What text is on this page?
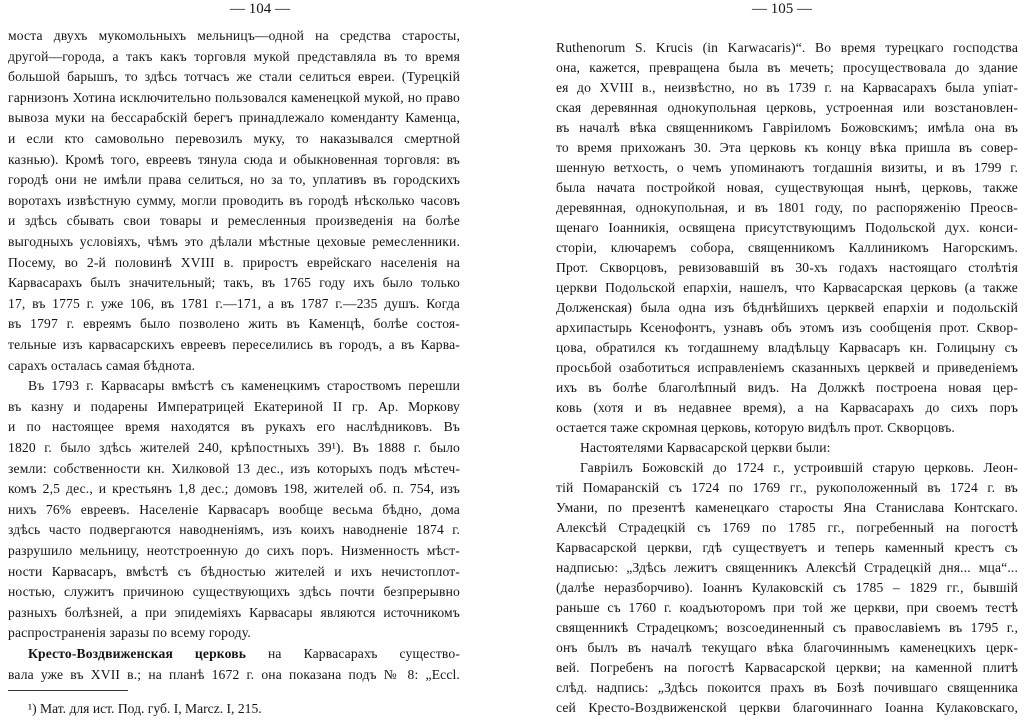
— 104 —
моста двухъ мукомольныхъ мельницъ—одной на средства старосты,
другой—города, а такъ какъ торговля мукой представляла въ то время
большой барышъ, то здѣсь тотчасъ же стали селиться евреи. (Турецкій
гарнизонъ Хотина исключительно пользовался каменецкой мукой, но право
вывоза муки на бессарабскій берегъ принадлежало коменданту Каменца,
и если кто самовольно перевозилъ муку, то наказывался смертной
казнью). Кромѣ того, евреевъ тянула сюда и обыкновенная торговля: въ
городѣ они не имѣли права селиться, но за то, уплативъ въ городскихъ
воротахъ извѣстную сумму, могли проводить въ городѣ нѣсколько часовъ
и здѣсь сбывать свои товары и ремесленныя произведенія на болѣе
выгодныхъ условіяхъ, чѣмъ это дѣлали мѣстные цеховые ремесленники.
Посему, во 2-й половинѣ XVIII в. приростъ еврейскаго населенія на
Карвасарахъ былъ значительный; такъ, въ 1765 году ихъ было только
17, въ 1775 г. уже 106, въ 1781 г.—171, а въ 1787 г.—235 душъ. Когда
въ 1797 г. евреямъ было позволено жить въ Каменцѣ, болѣе состоя-
тельные изъ карвасарскихъ евреевъ переселились въ городъ, а въ Карва-
сарахъ осталась самая бѣднота.
Въ 1793 г. Карвасары вмѣстѣ съ каменецкимъ староствомъ перешли
въ казну и подарены Императрицей Екатериной II гр. Ар. Моркову
и по настоящее время находятся въ рукахъ его наслѣдниковъ. Въ
1820 г. было здѣсь жителей 240, крѣпостныхъ 39¹). Въ 1888 г. было
земли: собственности кн. Хилковой 13 дес., изъ которыхъ подъ мѣстеч-
комъ 2,5 дес., и крестьянъ 1,8 дес.; домовъ 198, жителей об. п. 754, изъ
нихъ 76% евреевъ. Населеніе Карвасаръ вообще весьма бѣдно, дома
здѣсь часто подвергаются наводненіямъ, изъ коихъ наводненіе 1874 г.
разрушило мельницу, неотстроенную до сихъ поръ. Низменность мѣст-
ности Карвасаръ, вмѣстѣ съ бѣдностью жителей и ихъ нечистоплот-
ностью, служитъ причиною существующихъ здѣсь почти безпрерывно
разныхъ болѣзней, а при эпидеміяхъ Карвасары являются источникомъ
распространенія заразы по всему городу.
Кресто-Воздвиженская церковь на Карвасарахъ существо-
вала уже въ XVII в.; на планѣ 1672 г. она показана подъ № 8: „Eccl.
¹) Мат. для ист. Под. губ. I, Marcz. I, 215.
— 105 —
Ruthenorum S. Krucis (in Karwacaris)“. Во время турецкаго господства
она, кажется, превращена была въ мечеть; просуществовала до здание
ея до XVIII в., неизвѣстно, но въ 1739 г. на Карвасарахъ была упіат-
ская деревянная однокупольная церковь, устроенная или возстановлен-
въ началѣ вѣка священникомъ Гавріиломъ Божовскимъ; имѣла она въ
то время прихожанъ 30. Эта церковь къ концу вѣка пришла въ совер-
шенную ветхость, о чемъ упоминаютъ тогдашнія визиты, и въ 1799 г.
была начата постройкой новая, существующая нынѣ, церковь, также
деревянная, однокупольная, и въ 1801 году, по распоряженію Преосв-
щенаго Іоанникія, освящена присутствующимъ Подольской дух. конси-
сторіи, ключаремъ собора, священникомъ Каллиникомъ Нагорскимъ.
Прот. Скворцовъ, ревизовавшій въ 30-хъ годахъ настоящаго столѣтія
церкви Подольской епархіи, нашелъ, что Карвасарская церковь (а также
Долженская) была одна изъ бѣднѣйшихъ церквей епархіи и подольскій
архипастырь Ксенофонтъ, узнавъ объ этомъ изъ сообщенія прот. Сквор-
цова, обратился къ тогдашнему владѣльцу Карвасаръ кн. Голицыну съ
просьбой озаботиться исправленіемъ сказанныхъ церквей и приведеніемъ
ихъ въ болѣе благолѣпный видъ. На Должкѣ построена новая цер-
ковь (хотя и въ недавнее время), а на Карвасарахъ до сихъ поръ
остается таже скромная церковь, которую видѣлъ прот. Скворцовъ.
Настоятелями Карвасарской церкви были:
Гавріилъ Божовскій до 1724 г., устроившій старую церковь. Леон-
тій Помаранскій съ 1724 по 1769 гг., рукоположенный въ 1724 г. въ
Умани, по презентѣ каменецкаго старосты Яна Станислава Контскаго.
Алексѣй Страдецкій съ 1769 по 1785 гг., погребенный на погостѣ
Карвасарской церкви, гдѣ существуетъ и теперь каменный крестъ съ
надписью: „Здѣсь лежитъ священникъ Алексѣй Страдецкій дня... мца“...
(далѣе неразборчиво). Іоаннъ Кулаковскій съ 1785 – 1829 гг., бывшій
раньше съ 1760 г. коадъюторомъ при той же церкви, при своемъ тестѣ
священникѣ Страдецкомъ; возсоединенный съ православіемъ въ 1795 г.,
онъ былъ въ началѣ текущаго вѣка благочиннымъ каменецкихъ церк-
вей. Погребенъ на погостѣ Карвасарской церкви; на каменной плитѣ
слѣд. надпись: „Здѣсь покоится прахъ въ Бозѣ почившаго священника
сей Кресто-Воздвиженской церкви благочиннаго Іоанна Кулаковскаго,
